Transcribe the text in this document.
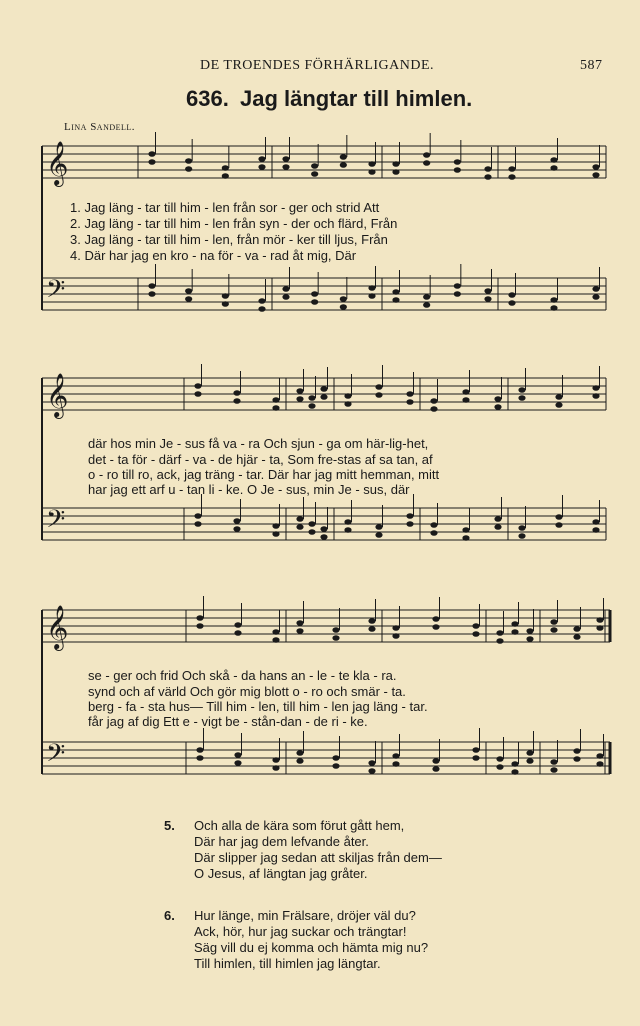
DE TROENDES FÖRHÄRLIGANDE.	587
636. Jag längtar till himlen.
Lina Sandell.
𝄞
𝄢
𝄞
𝄢
𝄞
𝄢
1. Jag läng - tar till him - len från sor - ger och strid Att
2. Jag läng - tar till him - len från syn - der och flärd, Från
3. Jag läng - tar till him - len, från mör - ker till ljus, Från
4. Där har jag en kro - na för - va - rad åt mig, Där
där hos min Je - sus få va - ra Och sjun - ga om här-lig-het,
det - ta för - därf - va - de hjär - ta, Som fre-stas af sa tan, af
o - ro till ro, ack, jag träng - tar. Där har jag mitt hemman, mitt
har jag ett arf u - tan li - ke. O Je - sus, min Je - sus, där
se - ger och frid Och skå - da hans an - le - te kla - ra.
synd och af värld Och gör mig blott o - ro och smär - ta.
berg - fa - sta hus— Till him - len, till him - len jag läng - tar.
får jag af dig Ett e - vigt be - stån-dan - de ri - ke.
5. Och alla de kära som förut gått hem,
Där har jag dem lefvande åter.
Där slipper jag sedan att skiljas från dem—
O Jesus, af längtan jag gråter.
6. Hur länge, min Frälsare, dröjer väl du?
Ack, hör, hur jag suckar och trängtar!
Säg vill du ej komma och hämta mig nu?
Till himlen, till himlen jag längtar.
